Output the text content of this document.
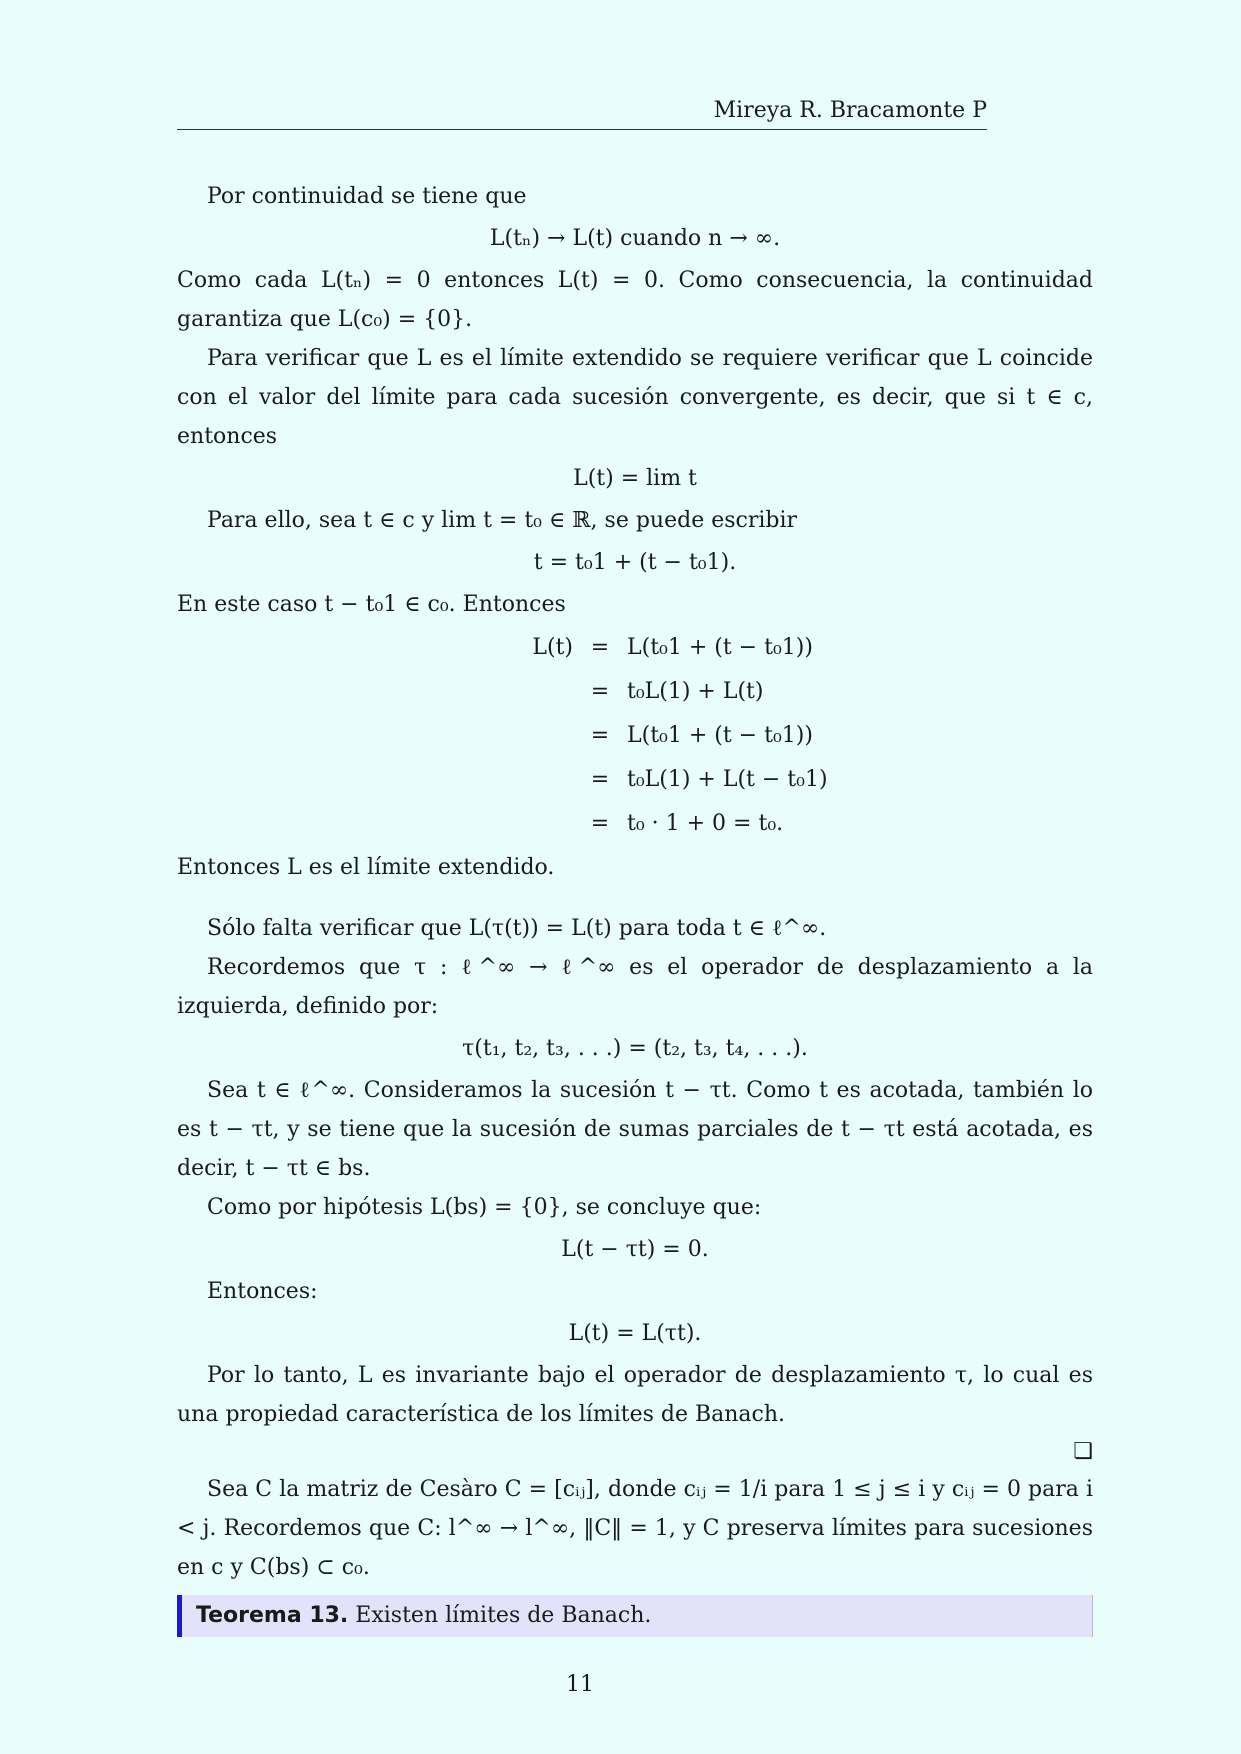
Mireya R. Bracamonte P

Por continuidad se tiene que

L(tₙ) → L(t) cuando n → ∞.

Como cada L(tₙ) = 0 entonces L(t) = 0. Como consecuencia, la continuidad garantiza que L(c₀) = {0}.

Para verificar que L es el límite extendido se requiere verificar que L coincide con el valor del límite para cada sucesión convergente, es decir, que si t ∈ c, entonces

L(t) = lim t

Para ello, sea t ∈ c y lim t = t₀ ∈ ℝ, se puede escribir

t = t₀1 + (t − t₀1).

En este caso t − t₀1 ∈ c₀. Entonces

L(t)	=	L(t₀1 + (t − t₀1))
	=	t₀L(1) + L(t)
	=	L(t₀1 + (t − t₀1))
	=	t₀L(1) + L(t − t₀1)
	=	t₀ · 1 + 0 = t₀.

Entonces L es el límite extendido.

Sólo falta verificar que L(τ(t)) = L(t) para toda t ∈ ℓ^∞.

Recordemos que τ : ℓ^∞ → ℓ^∞ es el operador de desplazamiento a la izquierda, definido por:

τ(t₁, t₂, t₃, . . .) = (t₂, t₃, t₄, . . .).

Sea t ∈ ℓ^∞. Consideramos la sucesión t − τt. Como t es acotada, también lo es t − τt, y se tiene que la sucesión de sumas parciales de t − τt está acotada, es decir, t − τt ∈ bs.

Como por hipótesis L(bs) = {0}, se concluye que:

L(t − τt) = 0.

Entonces:

L(t) = L(τt).

Por lo tanto, L es invariante bajo el operador de desplazamiento τ, lo cual es una propiedad característica de los límites de Banach.

❏

Sea C la matriz de Cesàro C = [cᵢⱼ], donde cᵢⱼ = 1/i para 1 ≤ j ≤ i y cᵢⱼ = 0 para i < j. Recordemos que C: l^∞ → l^∞, ‖C‖ = 1, y C preserva límites para sucesiones en c y C(bs) ⊂ c₀.

Teorema 13. Existen límites de Banach.
11
